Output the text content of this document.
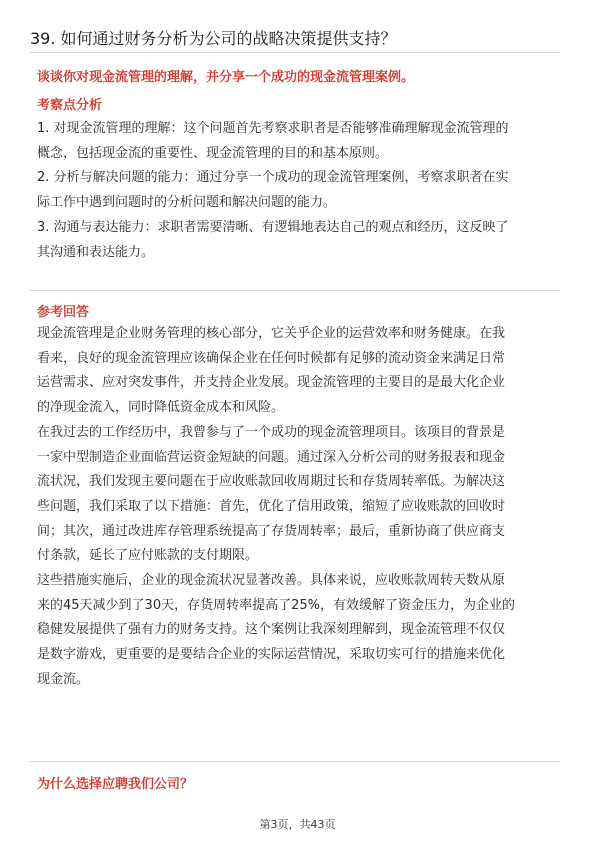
39. 如何通过财务分析为公司的战略决策提供支持？
谈谈你对现金流管理的理解，并分享一个成功的现金流管理案例。
考察点分析
1. 对现金流管理的理解：这个问题首先考察求职者是否能够准确理解现金流管理的
概念，包括现金流的重要性、现金流管理的目的和基本原则。
2. 分析与解决问题的能力：通过分享一个成功的现金流管理案例，考察求职者在实
际工作中遇到问题时的分析问题和解决问题的能力。
3. 沟通与表达能力：求职者需要清晰、有逻辑地表达自己的观点和经历，这反映了
其沟通和表达能力。
参考回答
现金流管理是企业财务管理的核心部分，它关乎企业的运营效率和财务健康。在我
看来，良好的现金流管理应该确保企业在任何时候都有足够的流动资金来满足日常
运营需求、应对突发事件，并支持企业发展。现金流管理的主要目的是最大化企业
的净现金流入，同时降低资金成本和风险。
在我过去的工作经历中，我曾参与了一个成功的现金流管理项目。该项目的背景是
一家中型制造企业面临营运资金短缺的问题。通过深入分析公司的财务报表和现金
流状况，我们发现主要问题在于应收账款回收周期过长和存货周转率低。为解决这
些问题，我们采取了以下措施：首先，优化了信用政策，缩短了应收账款的回收时
间；其次，通过改进库存管理系统提高了存货周转率；最后，重新协商了供应商支
付条款，延长了应付账款的支付期限。
这些措施实施后，企业的现金流状况显著改善。具体来说，应收账款周转天数从原
来的45天减少到了30天，存货周转率提高了25%，有效缓解了资金压力，为企业的
稳健发展提供了强有力的财务支持。这个案例让我深刻理解到，现金流管理不仅仅
是数字游戏，更重要的是要结合企业的实际运营情况，采取切实可行的措施来优化
现金流。
为什么选择应聘我们公司？
第3页，共43页
